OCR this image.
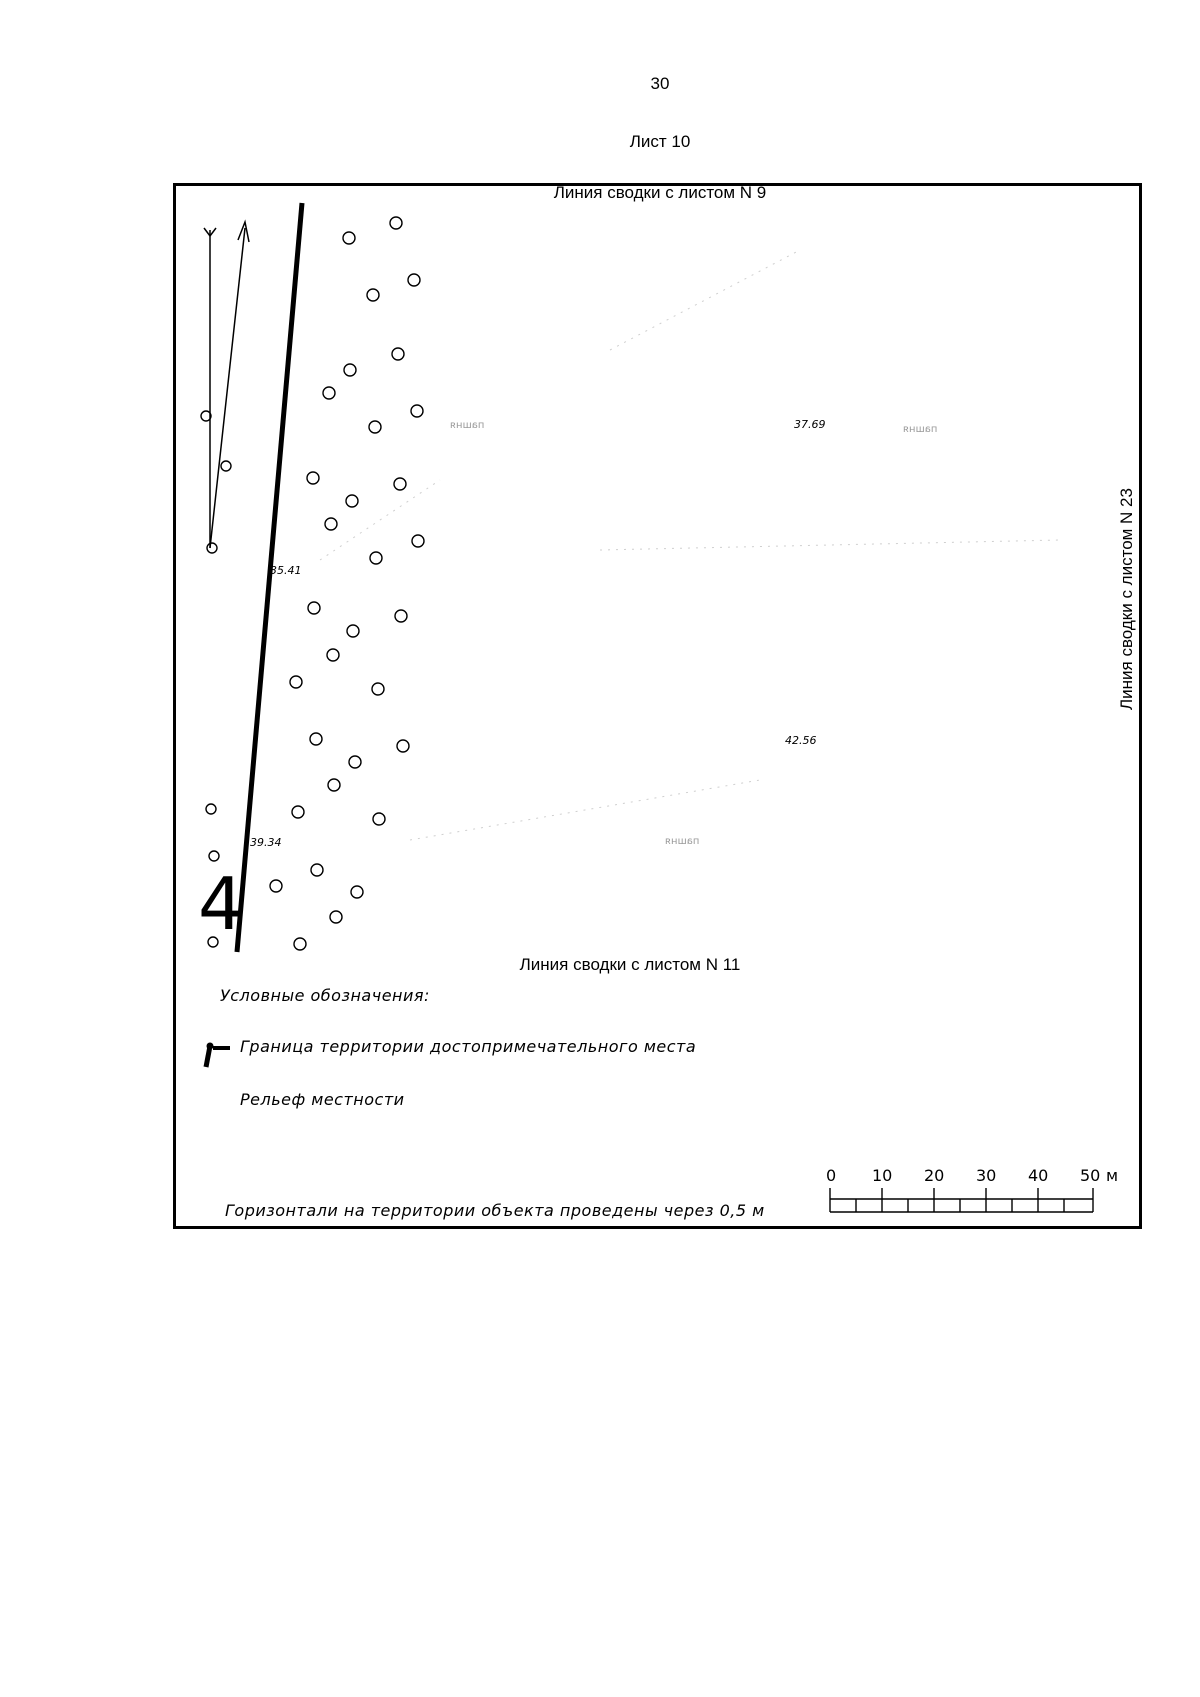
30
Лист 10
Линия сводки с листом N 9
Линия сводки с листом N 11
Линия сводки с листом N 23
4
35.41
37.69
42.56
39.34
пашня	пашня
пашня
Условные обозначения:
Граница территории достопримечательного места
Рельеф местности
Горизонтали на территории объекта проведены через 0,5 м
0 10 20 30 40 50 м
